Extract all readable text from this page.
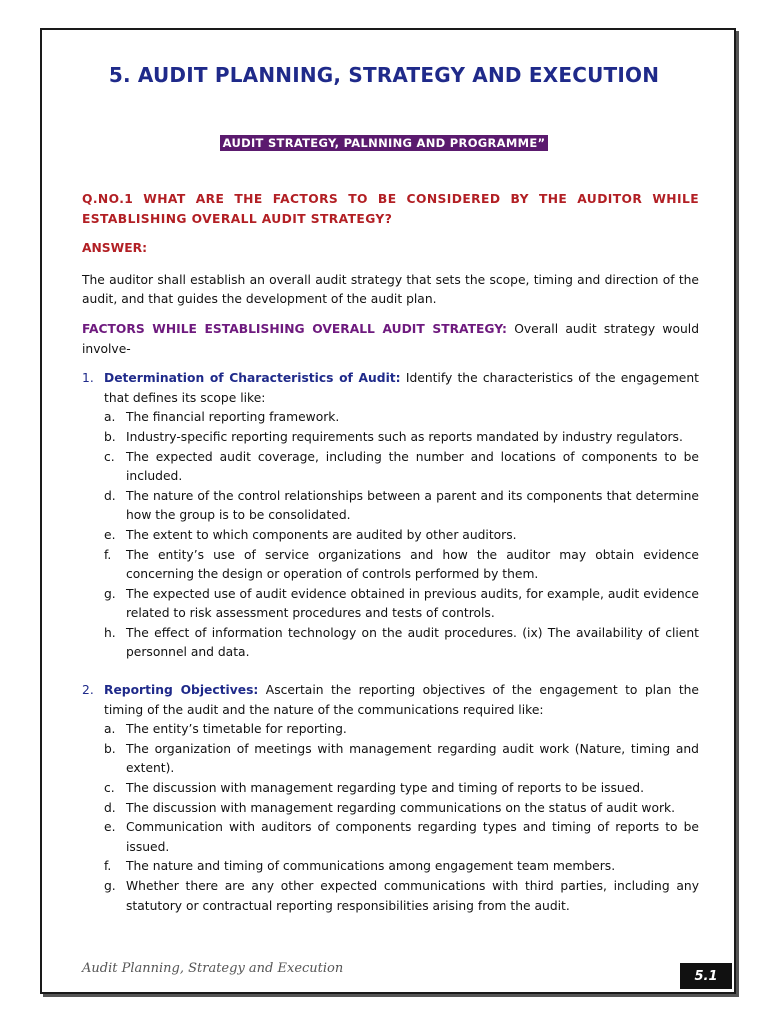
5. AUDIT PLANNING, STRATEGY AND EXECUTION
AUDIT STRATEGY, PALNNING AND PROGRAMME”
Q.NO.1 WHAT ARE THE FACTORS TO BE CONSIDERED BY THE AUDITOR WHILE ESTABLISHING OVERALL AUDIT STRATEGY?
ANSWER:

The auditor shall establish an overall audit strategy that sets the scope, timing and direction of the audit, and that guides the development of the audit plan.

FACTORS WHILE ESTABLISHING OVERALL AUDIT STRATEGY: Overall audit strategy would involve-

1. Determination of Characteristics of Audit: Identify the characteristics of the engagement that defines its scope like:
a. The financial reporting framework.
b. Industry-specific reporting requirements such as reports mandated by industry regulators.
c. The expected audit coverage, including the number and locations of components to be included.
d. The nature of the control relationships between a parent and its components that determine how the group is to be consolidated.
e. The extent to which components are audited by other auditors.
f.	The entity’s use of service organizations and how the auditor may obtain evidence concerning the design or operation of controls performed by them.
g. The expected use of audit evidence obtained in previous audits, for example, audit evidence related to risk assessment procedures and tests of controls.
h. The effect of information technology on the audit procedures. (ix) The availability of client personnel and data.
2. Reporting Objectives: Ascertain the reporting objectives of the engagement to plan the timing of the audit and the nature of the communications required like:
a. The entity’s timetable for reporting.
b. The organization of meetings with management regarding audit work (Nature, timing and extent).
c. The discussion with management regarding type and timing of reports to be issued.
d. The discussion with management regarding communications on the status of audit work.
e. Communication with auditors of components regarding types and timing of reports to be issued.
f.	The nature and timing of communications among engagement team members.
g. Whether there are any other expected communications with third parties, including any statutory or contractual reporting responsibilities arising from the audit.
Audit Planning, Strategy and Execution	5.1
